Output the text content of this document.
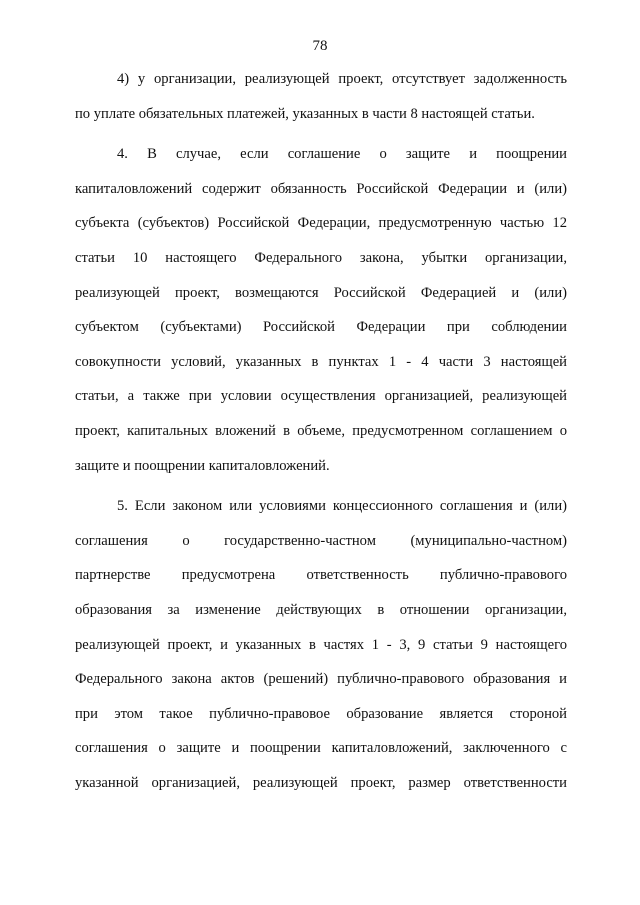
78
4) у организации, реализующей проект, отсутствует задолженность
по уплате обязательных платежей, указанных в части 8 настоящей статьи.
4. В случае, если соглашение о защите и поощрении
капиталовложений содержит обязанность Российской Федерации и (или)
субъекта (субъектов) Российской Федерации, предусмотренную частью 12
статьи 10 настоящего Федерального закона, убытки организации,
реализующей проект, возмещаются Российской Федерацией и (или)
субъектом (субъектами) Российской Федерации при соблюдении
совокупности условий, указанных в пунктах 1 - 4 части 3 настоящей
статьи, а также при условии осуществления организацией, реализующей
проект, капитальных вложений в объеме, предусмотренном соглашением о
защите и поощрении капиталовложений.
5. Если законом или условиями концессионного соглашения и (или)
соглашения о государственно-частном (муниципально-частном)
партнерстве предусмотрена ответственность публично-правового
образования за изменение действующих в отношении организации,
реализующей проект, и указанных в частях 1 - 3, 9 статьи 9 настоящего
Федерального закона актов (решений) публично-правового образования и
при этом такое публично-правовое образование является стороной
соглашения о защите и поощрении капиталовложений, заключенного с
указанной организацией, реализующей проект, размер ответственности
